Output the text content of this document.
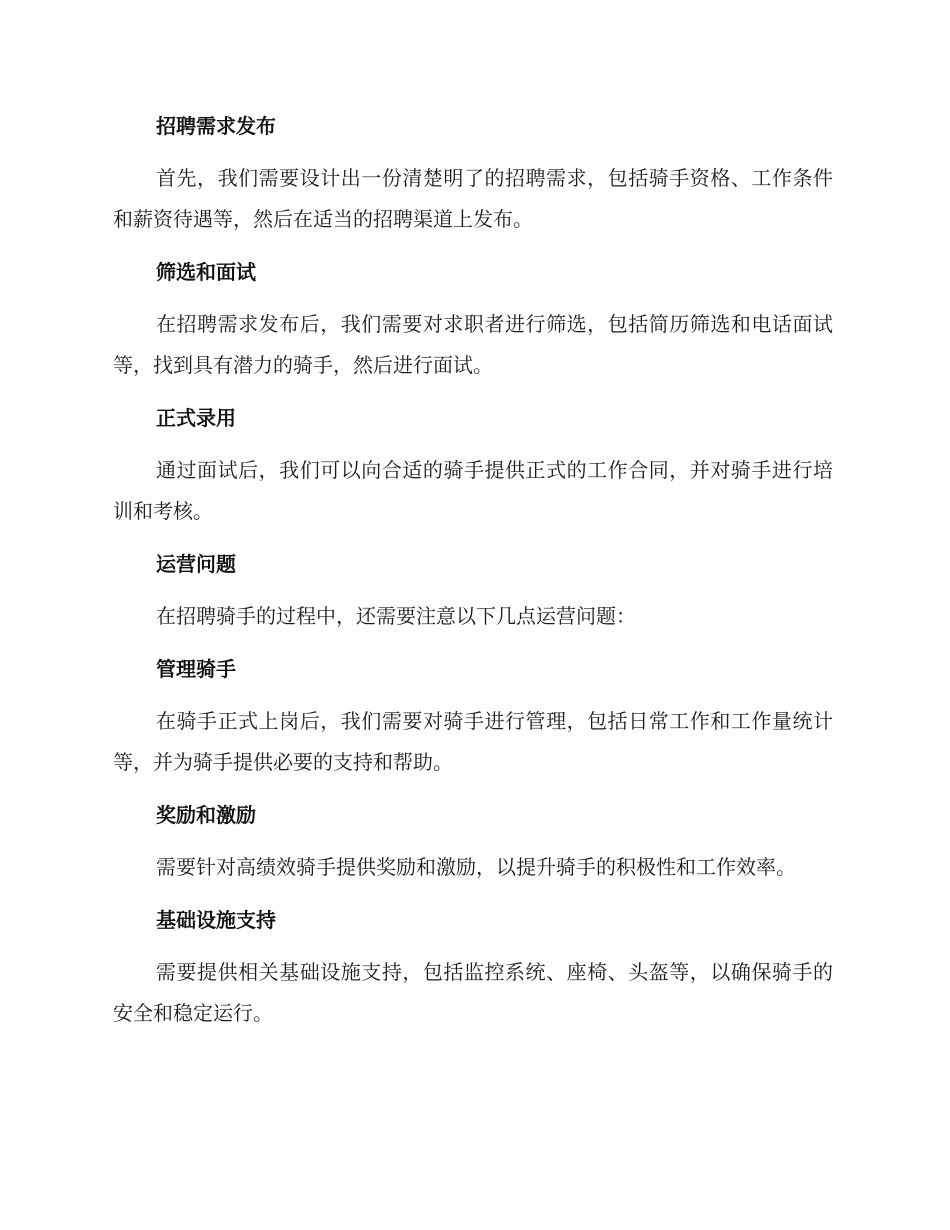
招聘需求发布

首先，我们需要设计出一份清楚明了的招聘需求，包括骑手资格、工作条件和薪资待遇等，然后在适当的招聘渠道上发布。

筛选和面试

在招聘需求发布后，我们需要对求职者进行筛选，包括简历筛选和电话面试等，找到具有潜力的骑手，然后进行面试。

正式录用

通过面试后，我们可以向合适的骑手提供正式的工作合同，并对骑手进行培训和考核。

运营问题

在招聘骑手的过程中，还需要注意以下几点运营问题：

管理骑手

在骑手正式上岗后，我们需要对骑手进行管理，包括日常工作和工作量统计等，并为骑手提供必要的支持和帮助。

奖励和激励

需要针对高绩效骑手提供奖励和激励，以提升骑手的积极性和工作效率。

基础设施支持

需要提供相关基础设施支持，包括监控系统、座椅、头盔等，以确保骑手的安全和稳定运行。
